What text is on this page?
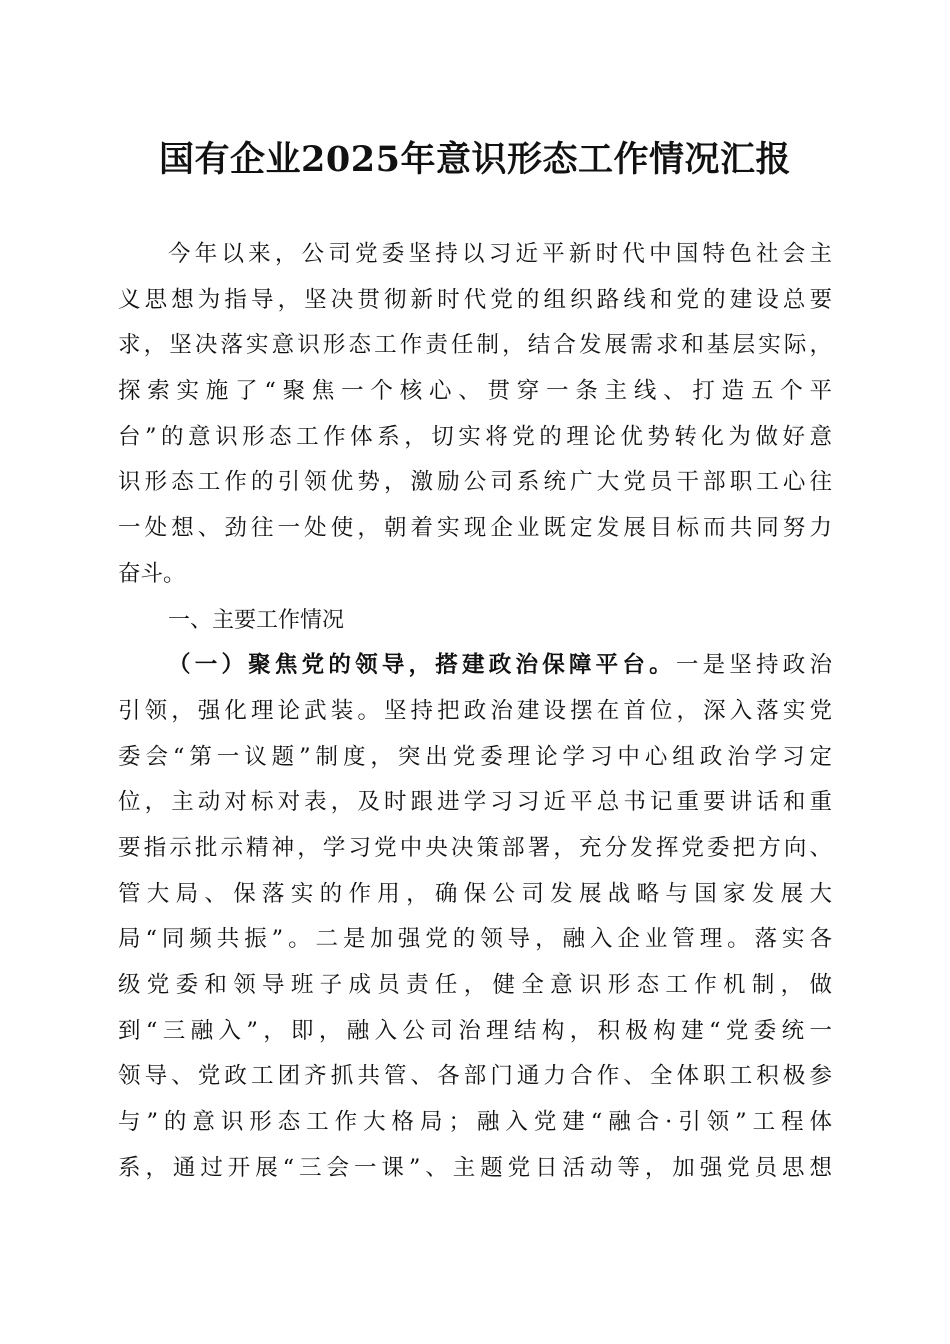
国有企业2025年意识形态工作情况汇报
今年以来，公司党委坚持以习近平新时代中国特色社会主
义思想为指导，坚决贯彻新时代党的组织路线和党的建设总要
求，坚决落实意识形态工作责任制，结合发展需求和基层实际，
探索实施了“聚焦一个核心、贯穿一条主线、打造五个平
台”的意识形态工作体系，切实将党的理论优势转化为做好意
识形态工作的引领优势，激励公司系统广大党员干部职工心往
一处想、劲往一处使，朝着实现企业既定发展目标而共同努力
奋斗。
一、主要工作情况
（一）聚焦党的领导，搭建政治保障平台。一是坚持政治
引领，强化理论武装。坚持把政治建设摆在首位，深入落实党
委会“第一议题”制度，突出党委理论学习中心组政治学习定
位，主动对标对表，及时跟进学习习近平总书记重要讲话和重
要指示批示精神，学习党中央决策部署，充分发挥党委把方向、
管大局、保落实的作用，确保公司发展战略与国家发展大
局“同频共振”。二是加强党的领导，融入企业管理。落实各
级党委和领导班子成员责任，健全意识形态工作机制，做
到“三融入”，即，融入公司治理结构，积极构建“党委统一
领导、党政工团齐抓共管、各部门通力合作、全体职工积极参
与”的意识形态工作大格局；融入党建“融合·引领”工程体
系，通过开展“三会一课”、主题党日活动等，加强党员思想
